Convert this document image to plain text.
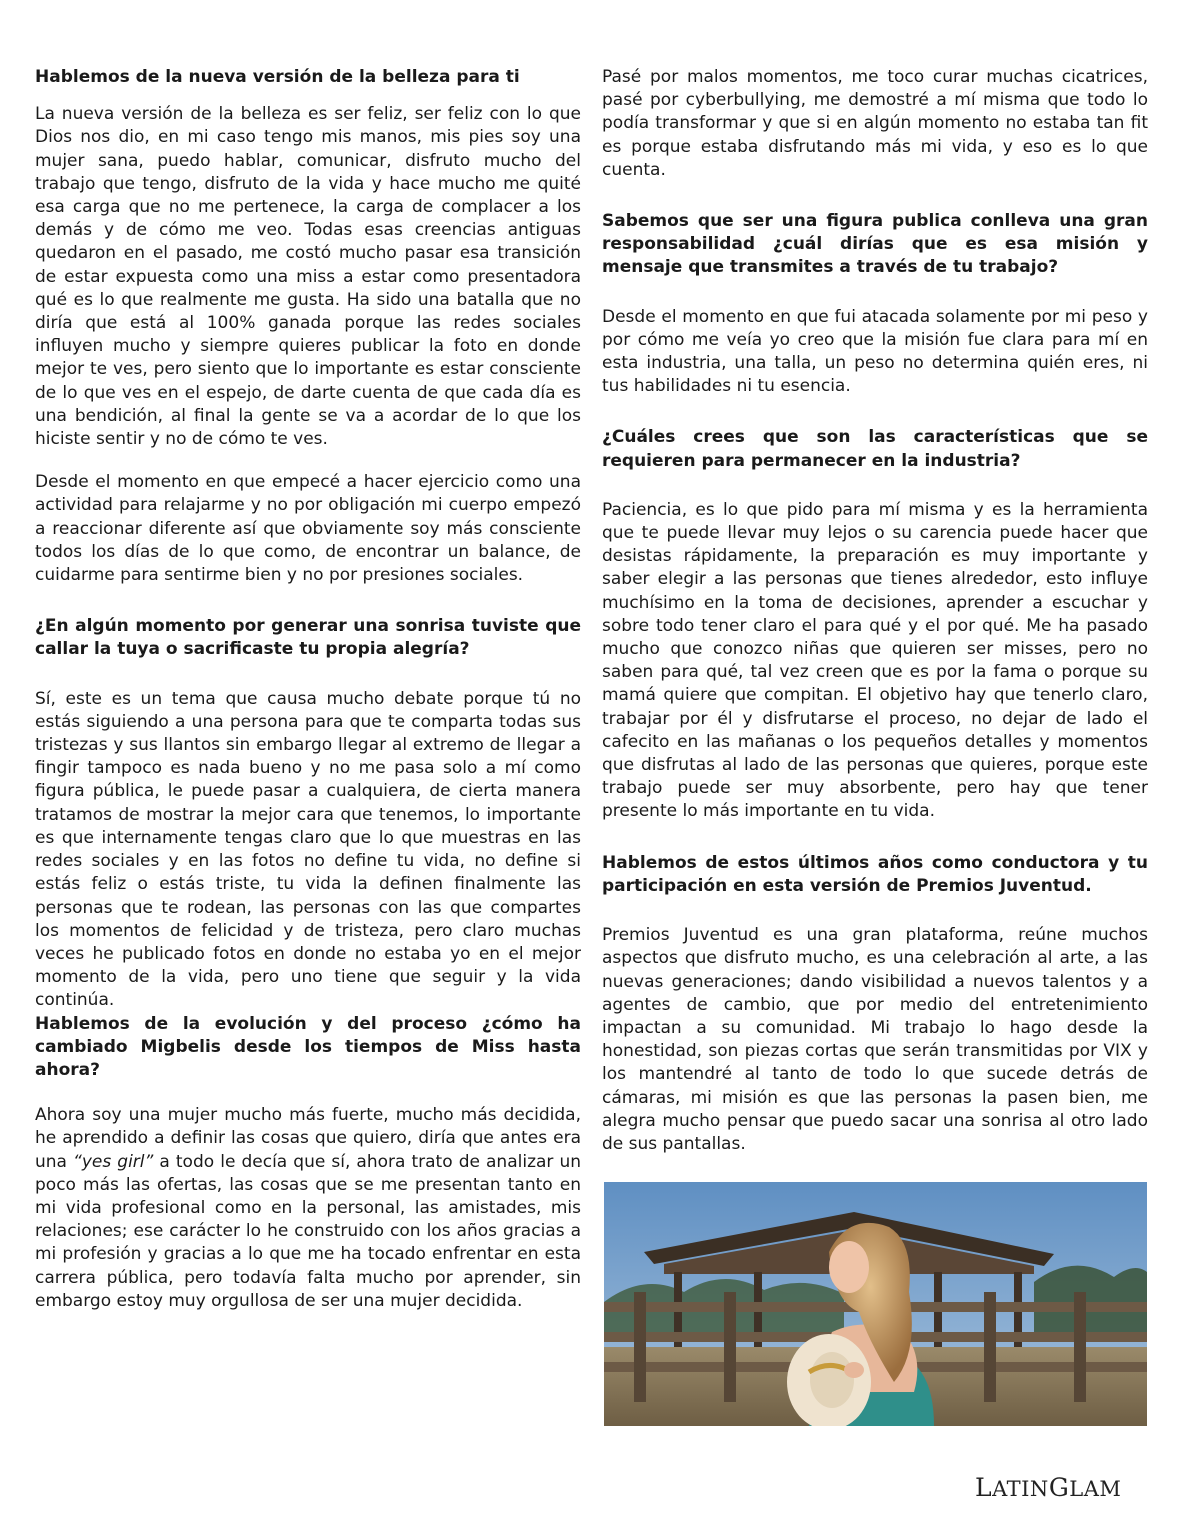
Hablemos de la nueva versión de la belleza para ti

La nueva versión de la belleza es ser feliz, ser feliz con lo que Dios nos dio, en mi caso tengo mis manos, mis pies soy una mujer sana, puedo hablar, comunicar, disfruto mucho del trabajo que tengo, disfruto de la vida y hace mucho me quité esa carga que no me pertenece, la carga de complacer a los demás y de cómo me veo. Todas esas creencias antiguas quedaron en el pasado, me costó mucho pasar esa transición de estar expuesta como una miss a estar como presentadora qué es lo que realmente me gusta. Ha sido una batalla que no diría que está al 100% ganada porque las redes sociales influyen mucho y siempre quieres publicar la foto en donde mejor te ves, pero siento que lo importante es estar consciente de lo que ves en el espejo, de darte cuenta de que cada día es una bendición, al final la gente se va a acordar de lo que los hiciste sentir y no de cómo te ves.

Desde el momento en que empecé a hacer ejercicio como una actividad para relajarme y no por obligación mi cuerpo empezó a reaccionar diferente así que obviamente soy más consciente todos los días de lo que como, de encontrar un balance, de cuidarme para sentirme bien y no por presiones sociales.

¿En algún momento por generar una sonrisa tuviste que callar la tuya o sacrificaste tu propia alegría?

Sí, este es un tema que causa mucho debate porque tú no estás siguiendo a una persona para que te comparta todas sus tristezas y sus llantos sin embargo llegar al extremo de llegar a fingir tampoco es nada bueno y no me pasa solo a mí como figura pública, le puede pasar a cualquiera, de cierta manera tratamos de mostrar la mejor cara que tenemos, lo importante es que internamente tengas claro que lo que muestras en las redes sociales y en las fotos no define tu vida, no define si estás feliz o estás triste, tu vida la definen finalmente las personas que te rodean, las personas con las que compartes los momentos de felicidad y de tristeza, pero claro muchas veces he publicado fotos en donde no estaba yo en el mejor momento de la vida, pero uno tiene que seguir y la vida continúa.

Hablemos de la evolución y del proceso ¿cómo ha cambiado Migbelis desde los tiempos de Miss hasta ahora?

Ahora soy una mujer mucho más fuerte, mucho más decidida, he aprendido a definir las cosas que quiero, diría que antes era una “yes girl” a todo le decía que sí, ahora trato de analizar un poco más las ofertas, las cosas que se me presentan tanto en mi vida profesional como en la personal, las amistades, mis relaciones; ese carácter lo he construido con los años gracias a mi profesión y gracias a lo que me ha tocado enfrentar en esta carrera pública, pero todavía falta mucho por aprender, sin embargo estoy muy orgullosa de ser una mujer decidida.

Pasé por malos momentos, me toco curar muchas cicatrices, pasé por cyberbullying, me demostré a mí misma que todo lo podía transformar y que si en algún momento no estaba tan fit es porque estaba disfrutando más mi vida, y eso es lo que cuenta.

Sabemos que ser una figura publica conlleva una gran responsabilidad ¿cuál dirías que es esa misión y mensaje que transmites a través de tu trabajo?

Desde el momento en que fui atacada solamente por mi peso y por cómo me veía yo creo que la misión fue clara para mí en esta industria, una talla, un peso no determina quién eres, ni tus habilidades ni tu esencia.

¿Cuáles crees que son las características que se requieren para permanecer en la industria?

Paciencia, es lo que pido para mí misma y es la herramienta que te puede llevar muy lejos o su carencia puede hacer que desistas rápidamente, la preparación es muy importante y saber elegir a las personas que tienes alrededor, esto influye muchísimo en la toma de decisiones, aprender a escuchar y sobre todo tener claro el para qué y el por qué. Me ha pasado mucho que conozco niñas que quieren ser misses, pero no saben para qué, tal vez creen que es por la fama o porque su mamá quiere que compitan. El objetivo hay que tenerlo claro, trabajar por él y disfrutarse el proceso, no dejar de lado el cafecito en las mañanas o los pequeños detalles y momentos que disfrutas al lado de las personas que quieres, porque este trabajo puede ser muy absorbente, pero hay que tener presente lo más importante en tu vida.

Hablemos de estos últimos años como conductora y tu participación en esta versión de Premios Juventud.

Premios Juventud es una gran plataforma, reúne muchos aspectos que disfruto mucho, es una celebración al arte, a las nuevas generaciones; dando visibilidad a nuevos talentos y a agentes de cambio, que por medio del entretenimiento impactan a su comunidad. Mi trabajo lo hago desde la honestidad, son piezas cortas que serán transmitidas por VIX y los mantendré al tanto de todo lo que sucede detrás de cámaras, mi misión es que las personas la pasen bien, me alegra mucho pensar que puedo sacar una sonrisa al otro lado de sus pantallas.

LATINGLAM
